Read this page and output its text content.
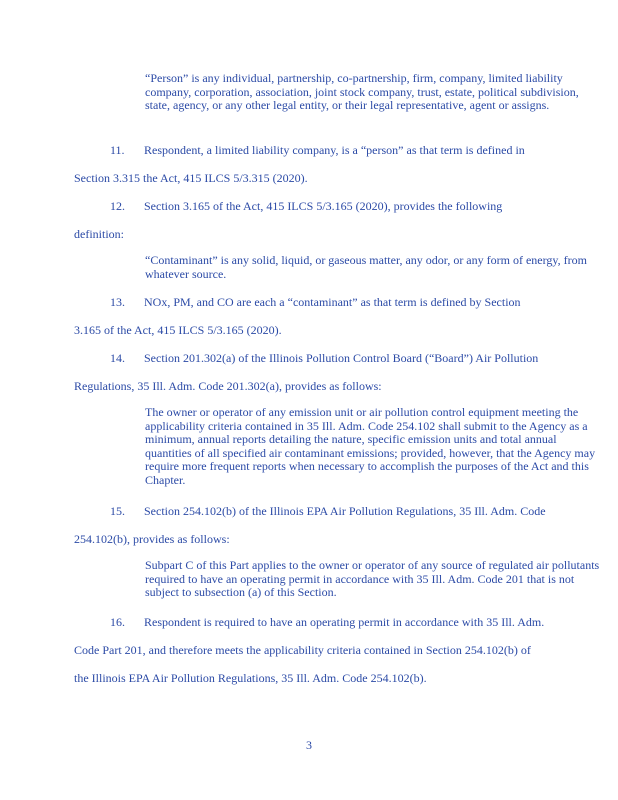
“Person” is any individual, partnership, co-partnership, firm, company, limited liability company, corporation, association, joint stock company, trust, estate, political subdivision, state, agency, or any other legal entity, or their legal representative, agent or assigns.

11. Respondent, a limited liability company, is a “person” as that term is defined in
Section 3.315 the Act, 415 ILCS 5/3.315 (2020).
12. Section 3.165 of the Act, 415 ILCS 5/3.165 (2020), provides the following
definition:

“Contaminant” is any solid, liquid, or gaseous matter, any odor, or any form of energy, from whatever source.

13. NOx, PM, and CO are each a “contaminant” as that term is defined by Section
3.165 of the Act, 415 ILCS 5/3.165 (2020).
14. Section 201.302(a) of the Illinois Pollution Control Board (“Board”) Air Pollution
Regulations, 35 Ill. Adm. Code 201.302(a), provides as follows:

The owner or operator of any emission unit or air pollution control equipment meeting the applicability criteria contained in 35 Ill. Adm. Code 254.102 shall submit to the Agency as a minimum, annual reports detailing the nature, specific emission units and total annual quantities of all specified air contaminant emissions; provided, however, that the Agency may require more frequent reports when necessary to accomplish the purposes of the Act and this Chapter.

15. Section 254.102(b) of the Illinois EPA Air Pollution Regulations, 35 Ill. Adm. Code
254.102(b), provides as follows:

Subpart C of this Part applies to the owner or operator of any source of regulated air pollutants required to have an operating permit in accordance with 35 Ill. Adm. Code 201 that is not subject to subsection (a) of this Section.

16. Respondent is required to have an operating permit in accordance with 35 Ill. Adm.
Code Part 201, and therefore meets the applicability criteria contained in Section 254.102(b) of
the Illinois EPA Air Pollution Regulations, 35 Ill. Adm. Code 254.102(b).
3
